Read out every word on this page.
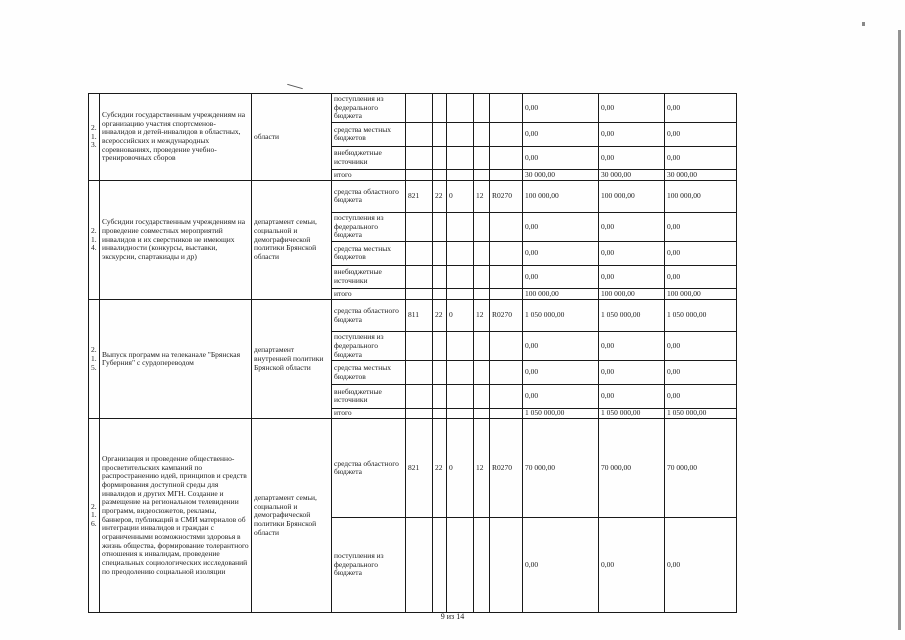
2.1.3.	Субсидии государственным учреждениям на организацию участия спортсменов-инвалидов и детей-инвалидов в областных, всероссийских и международных соревнованиях, проведение учебно-тренировочных сборов	области	поступления из федерального бюджета						0,00	0,00	0,00
			средства местных бюджетов						0,00	0,00	0,00
			внебюджетные источники						0,00	0,00	0,00
			итого						30 000,00	30 000,00	30 000,00
2.1.4.	Субсидии государственным учреждениям на проведение совместных мероприятий инвалидов и их сверстников не имеющих инвалидности (конкурсы, выставки, экскурсии, спартакиады и др)	департамент семьи, социальной и демографической политики Брянской области	средства областного бюджета	821	22	0	12	R0270	100 000,00	100 000,00	100 000,00
			поступления из федерального бюджета						0,00	0,00	0,00
			средства местных бюджетов						0,00	0,00	0,00
			внебюджетные источники						0,00	0,00	0,00
			итого						100 000,00	100 000,00	100 000,00
2.1.5.	Выпуск программ на телеканале "Брянская Губерния" с сурдопереводом	департамент внутренней политики Брянской области	средства областного бюджета	811	22	0	12	R0270	1 050 000,00	1 050 000,00	1 050 000,00
			поступления из федерального бюджета						0,00	0,00	0,00
			средства местных бюджетов						0,00	0,00	0,00
			внебюджетные источники						0,00	0,00	0,00
			итого						1 050 000,00	1 050 000,00	1 050 000,00
2.1.6.	Организация и проведение общественно-просветительских кампаний по распространению идей, принципов и средств формирования доступной среды для инвалидов и других МГН. Создание и размещение на региональном телевидении программ, видеосюжетов, рекламы, баннеров, публикаций в СМИ материалов об интеграции инвалидов и граждан с ограниченными возможностями здоровья в жизнь общества, формирование толерантного отношения к инвалидам, проведение специальных социологических исследований по преодолению социальной изоляции	департамент семьи, социальной и демографической политики Брянской области	средства областного бюджета	821	22	0	12	R0270	70 000,00	70 000,00	70 000,00
			поступления из федерального бюджета						0,00	0,00	0,00
9 из 14
